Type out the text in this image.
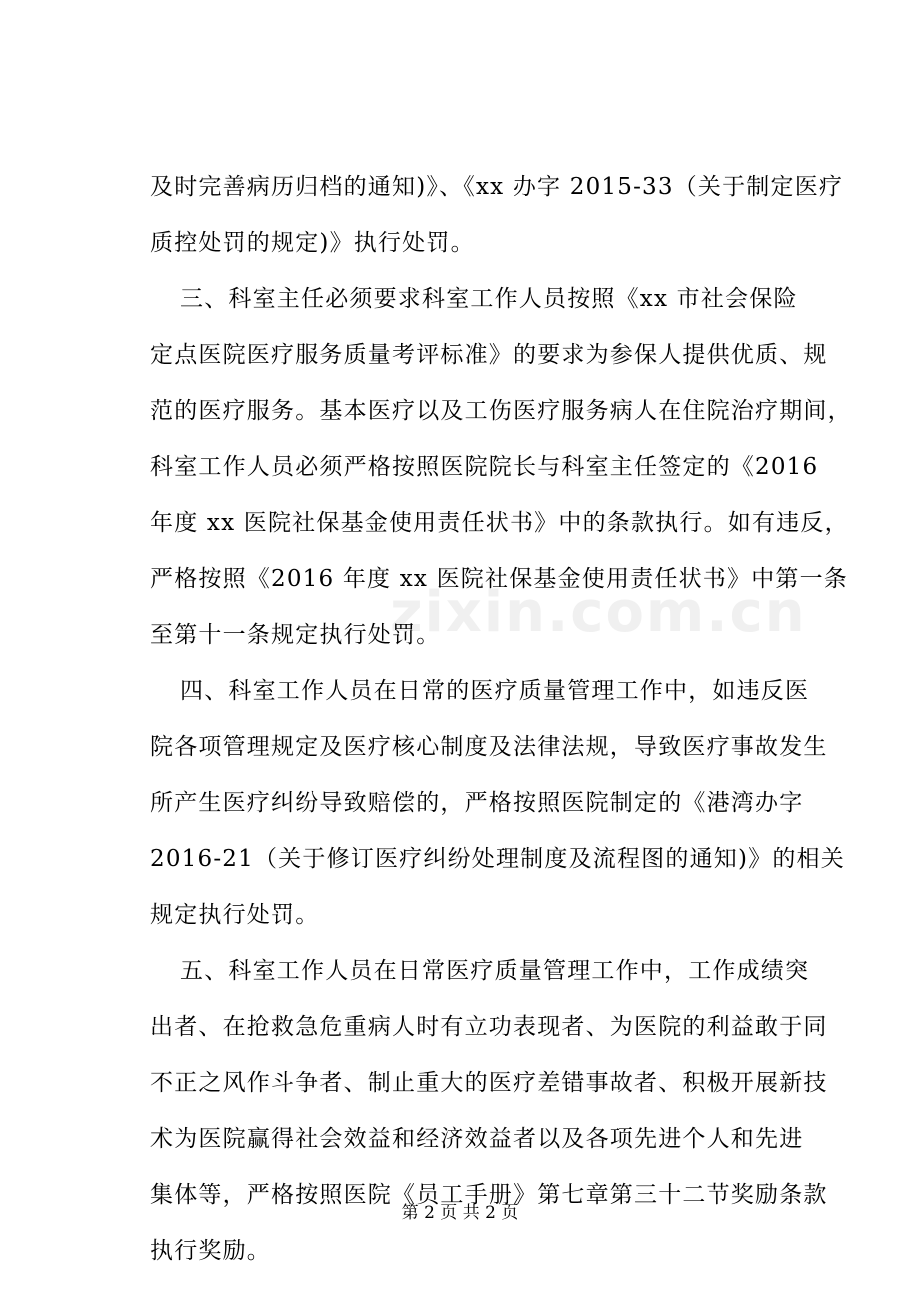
zixin.com.cn
及时完善病历归档的通知)》、《xx 办字 2015-33（关于制定医疗
质控处罚的规定)》执行处罚。
三、科室主任必须要求科室工作人员按照《xx 市社会保险
定点医院医疗服务质量考评标准》的要求为参保人提供优质、规
范的医疗服务。基本医疗以及工伤医疗服务病人在住院治疗期间，
科室工作人员必须严格按照医院院长与科室主任签定的《2016
年度 xx 医院社保基金使用责任状书》中的条款执行。如有违反，
严格按照《2016 年度 xx 医院社保基金使用责任状书》中第一条
至第十一条规定执行处罚。
四、科室工作人员在日常的医疗质量管理工作中，如违反医
院各项管理规定及医疗核心制度及法律法规，导致医疗事故发生
所产生医疗纠纷导致赔偿的，严格按照医院制定的《港湾办字
2016-21（关于修订医疗纠纷处理制度及流程图的通知)》的相关
规定执行处罚。
五、科室工作人员在日常医疗质量管理工作中，工作成绩突
出者、在抢救急危重病人时有立功表现者、为医院的利益敢于同
不正之风作斗争者、制止重大的医疗差错事故者、积极开展新技
术为医院赢得社会效益和经济效益者以及各项先进个人和先进
集体等，严格按照医院《员工手册》第七章第三十二节奖励条款
执行奖励。
第 2 页 共 2 页
